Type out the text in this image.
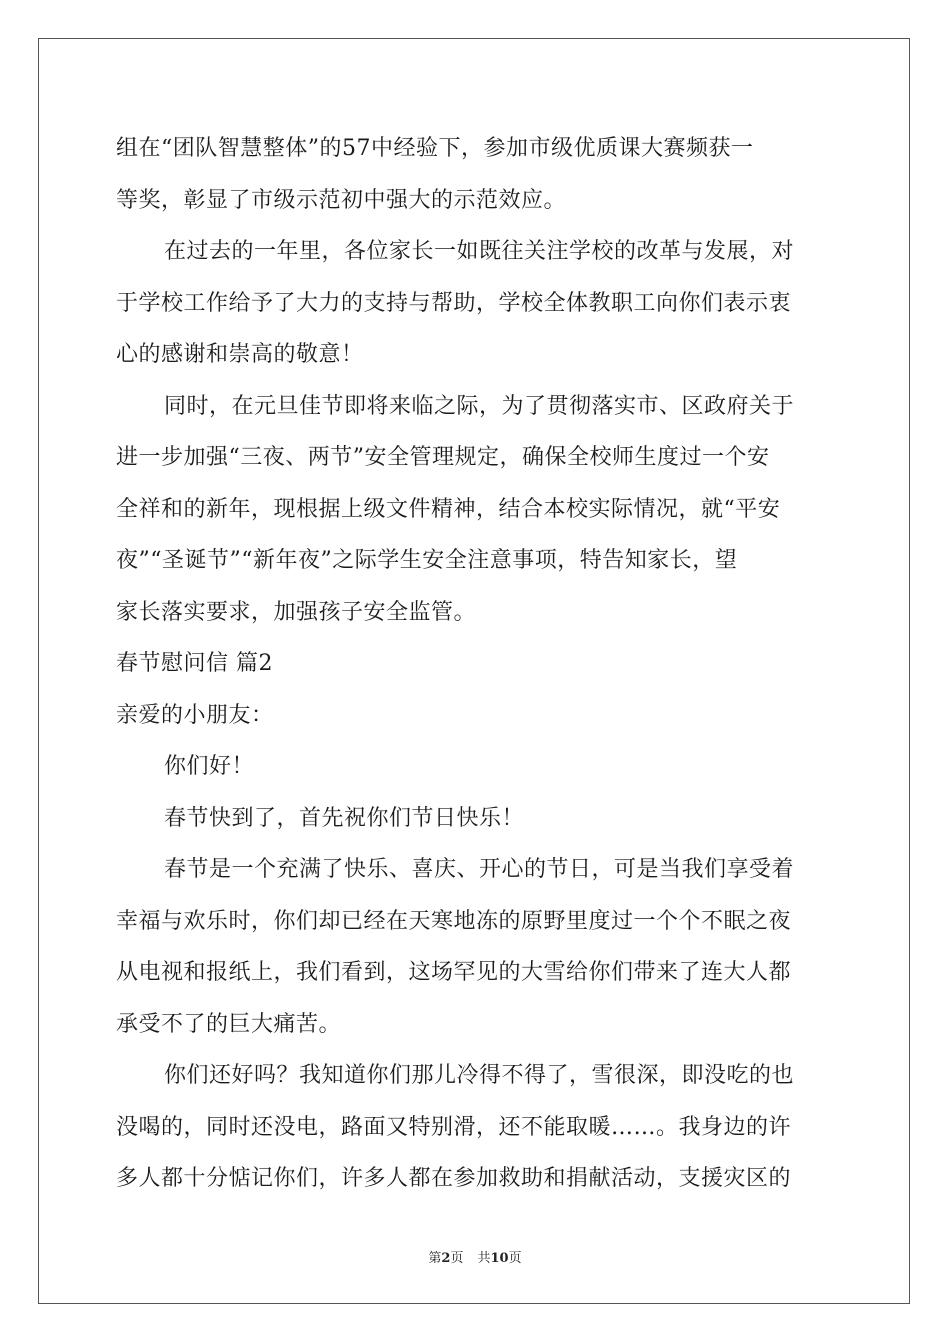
组在“团队智慧整体”的57中经验下，参加市级优质课大赛频获一
等奖，彰显了市级示范初中强大的示范效应。
在过去的一年里，各位家长一如既往关注学校的改革与发展，对
于学校工作给予了大力的支持与帮助，学校全体教职工向你们表示衷
心的感谢和崇高的敬意！
同时，在元旦佳节即将来临之际，为了贯彻落实市、区政府关于
进一步加强“三夜、两节”安全管理规定，确保全校师生度过一个安
全祥和的新年，现根据上级文件精神，结合本校实际情况，就“平安
夜”“圣诞节”“新年夜”之际学生安全注意事项，特告知家长，望
家长落实要求，加强孩子安全监管。
春节慰问信 篇2
亲爱的小朋友：
你们好！
春节快到了，首先祝你们节日快乐！
春节是一个充满了快乐、喜庆、开心的节日，可是当我们享受着
幸福与欢乐时，你们却已经在天寒地冻的原野里度过一个个不眠之夜
从电视和报纸上，我们看到，这场罕见的大雪给你们带来了连大人都
承受不了的巨大痛苦。
你们还好吗？我知道你们那儿冷得不得了，雪很深，即没吃的也
没喝的，同时还没电，路面又特别滑，还不能取暖……。我身边的许
多人都十分惦记你们，许多人都在参加救助和捐献活动，支援灾区的
第2页 共10页
